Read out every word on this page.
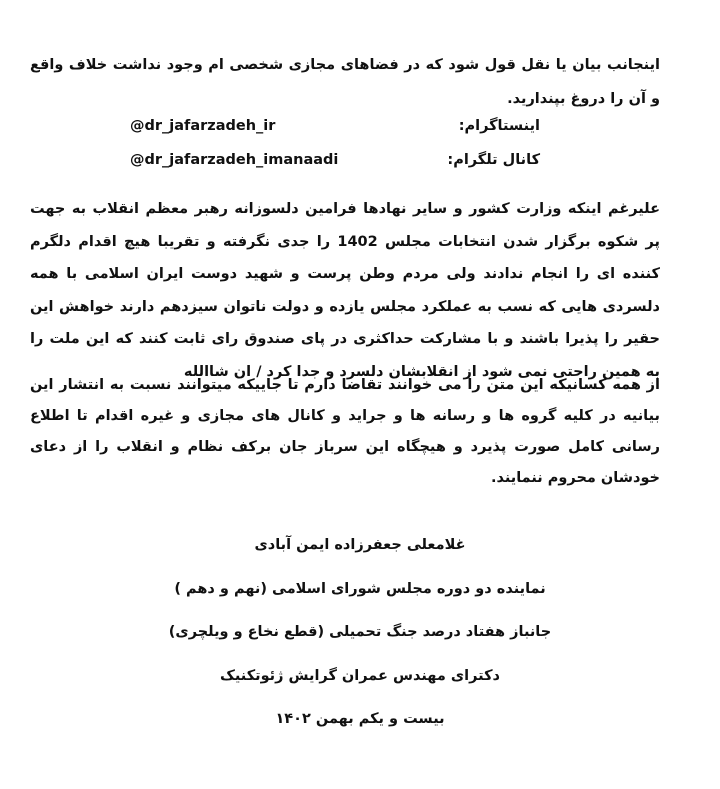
اینجانب بیان یا نقل قول شود که در فضاهای مجازی شخصی ام وجود نداشت خلاف واقع و آن را دروغ بپندارید.

اینستاگرام:
@dr_jafarzadeh_ir
کانال تلگرام:
@dr_jafarzadeh_imanaadi

علیرغم اینکه وزارت کشور و سایر نهادها فرامین دلسوزانه رهبر معظم انقلاب به جهت پر شکوه برگزار شدن انتخابات مجلس 1402 را جدی نگرفته و تقریبا هیچ اقدام دلگرم کننده ای را انجام ندادند ولی مردم وطن پرست و شهید دوست ایران اسلامی با همه دلسردی هایی که نسب به عملکرد مجلس یازده و دولت ناتوان سیزدهم دارند خواهش این حقیر را پذیرا باشند و با مشارکت حداکثری در پای صندوق رای ثابت کنند که این ملت را به همین راحتی نمی شود از انقلابشان دلسرد و جدا کرد / ان شاالله

از همه کسانیکه این متن را می خوانند تقاضا دارم تا جاییکه میتوانند نسبت به انتشار این بیانیه در کلیه گروه ها و رسانه ها و جراید و کانال های مجازی و غیره اقدام تا اطلاع رسانی کامل صورت پذیرد و هیچگاه این سرباز جان برکف نظام و انقلاب را از دعای خودشان محروم ننمایند.

غلامعلی جعفرزاده ایمن آبادی
نماینده دو دوره مجلس شورای اسلامی (نهم و دهم )
جانباز هفتاد درصد جنگ تحمیلی (قطع نخاع و ویلچری)
دکترای مهندس عمران گرایش ژئوتکنیک
بیست و یکم بهمن ۱۴۰۲
